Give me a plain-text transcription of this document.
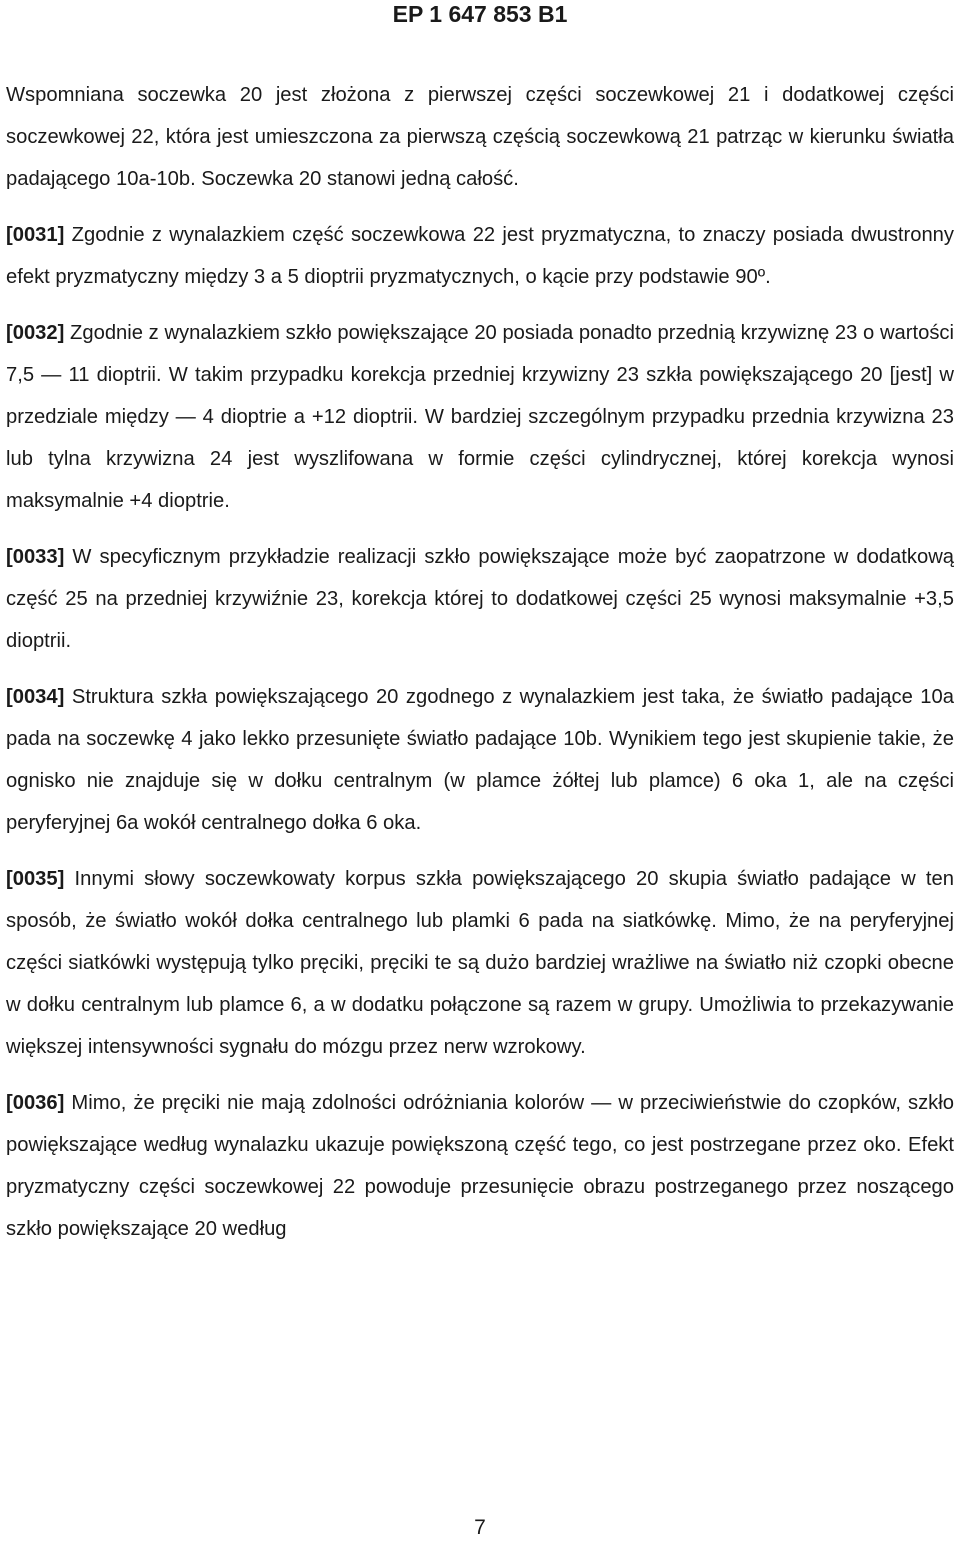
EP 1 647 853 B1

Wspomniana soczewka 20 jest złożona z pierwszej części soczewkowej 21 i dodatkowej części soczewkowej 22, która jest umieszczona za pierwszą częścią soczewkową 21 patrząc w kierunku światła padającego 10a-10b. Soczewka 20 stanowi jedną całość.

[0031] Zgodnie z wynalazkiem część soczewkowa 22 jest pryzmatyczna, to znaczy posiada dwustronny efekt pryzmatyczny między 3 a 5 dioptrii pryzmatycznych, o kącie przy podstawie 90º.

[0032] Zgodnie z wynalazkiem szkło powiększające 20 posiada ponadto przednią krzywiznę 23 o wartości 7,5 — 11 dioptrii. W takim przypadku korekcja przedniej krzywizny 23 szkła powiększającego 20 [jest] w przedziale między — 4 dioptrie a +12 dioptrii. W bardziej szczególnym przypadku przednia krzywizna 23 lub tylna krzywizna 24 jest wyszlifowana w formie części cylindrycznej, której korekcja wynosi maksymalnie +4 dioptrie.

[0033] W specyficznym przykładzie realizacji szkło powiększające może być zaopatrzone w dodatkową część 25 na przedniej krzywiźnie 23, korekcja której to dodatkowej części 25 wynosi maksymalnie +3,5 dioptrii.

[0034] Struktura szkła powiększającego 20 zgodnego z wynalazkiem jest taka, że światło padające 10a pada na soczewkę 4 jako lekko przesunięte światło padające 10b. Wynikiem tego jest skupienie takie, że ognisko nie znajduje się w dołku centralnym (w plamce żółtej lub plamce) 6 oka 1, ale na części peryferyjnej 6a wokół centralnego dołka 6 oka.

[0035] Innymi słowy soczewkowaty korpus szkła powiększającego 20 skupia światło padające w ten sposób, że światło wokół dołka centralnego lub plamki 6 pada na siatkówkę. Mimo, że na peryferyjnej części siatkówki występują tylko pręciki, pręciki te są dużo bardziej wrażliwe na światło niż czopki obecne w dołku centralnym lub plamce 6, a w dodatku połączone są razem w grupy. Umożliwia to przekazywanie większej intensywności sygnału do mózgu przez nerw wzrokowy.

[0036] Mimo, że pręciki nie mają zdolności odróżniania kolorów — w przeciwieństwie do czopków, szkło powiększające według wynalazku ukazuje powiększoną część tego, co jest postrzegane przez oko. Efekt pryzmatyczny części soczewkowej 22 powoduje przesunięcie obrazu postrzeganego przez noszącego szkło powiększające 20 według

7
